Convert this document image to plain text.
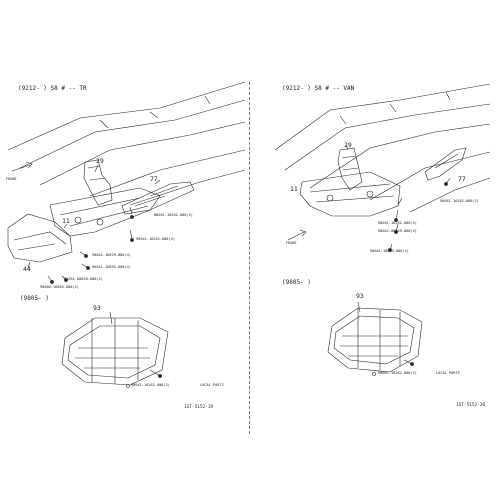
(9212- ) S8 # -- TR
FRONT
29
77
11
44
93
08041-16262-000(2)
90041-16262-000(4)
90042-16029-000(4)
90041-16893-000(4)
91651-60820-000(2)
90000-16804-000(2)
(9805- )
90041-16262-000(2)	LOCAL PARTS
1ST-5152-19
(9212- ) S8 # -- VAN
FRONT
29
11
77
93
90041-16262-000(2)
90041-16262-000(4)
90042-06029-000(4)
90041-16893-000(4)
(9805- )
90041-16262-000(2)	LOCAL PARTS
1ST-5152-20
